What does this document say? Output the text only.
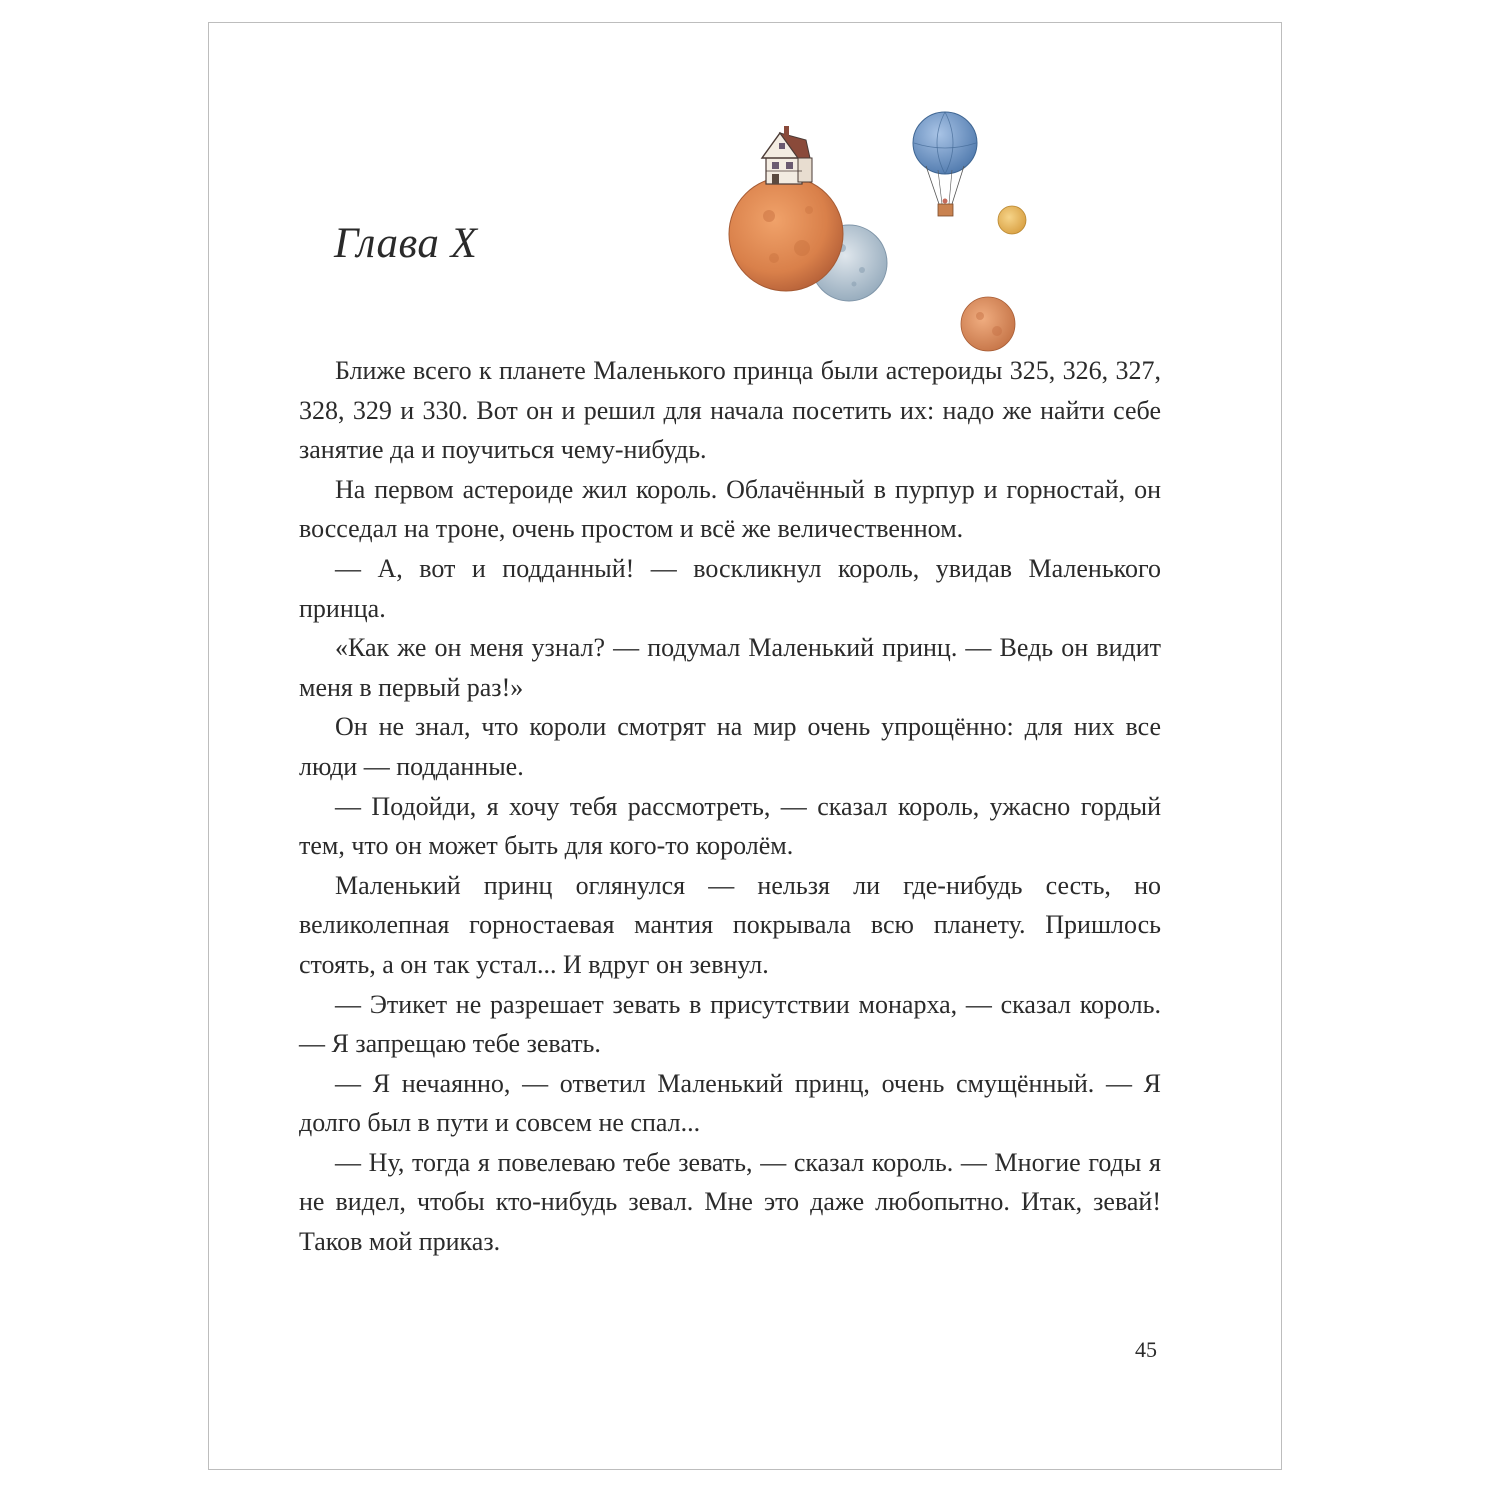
Глава X

Ближе всего к планете Маленького принца были астероиды 325, 326, 327, 328, 329 и 330. Вот он и решил для начала посетить их: надо же найти себе занятие да и поучиться чему-нибудь.

На первом астероиде жил король. Облачённый в пурпур и горностай, он восседал на троне, очень простом и всё же величественном.

— А, вот и подданный! — воскликнул король, увидав Маленького принца.

«Как же он меня узнал? — подумал Маленький принц. — Ведь он видит меня в первый раз!»

Он не знал, что короли смотрят на мир очень упрощённо: для них все люди — подданные.

— Подойди, я хочу тебя рассмотреть, — сказал король, ужасно гордый тем, что он может быть для кого-то королём.

Маленький принц оглянулся — нельзя ли где-нибудь сесть, но великолепная горностаевая мантия покрывала всю планету. Пришлось стоять, а он так устал... И вдруг он зевнул.

— Этикет не разрешает зевать в присутствии монарха, — сказал король. — Я запрещаю тебе зевать.

— Я нечаянно, — ответил Маленький принц, очень смущённый. — Я долго был в пути и совсем не спал...

— Ну, тогда я повелеваю тебе зевать, — сказал король. — Многие годы я не видел, чтобы кто-нибудь зевал. Мне это даже любопытно. Итак, зевай! Таков мой приказ.

45
